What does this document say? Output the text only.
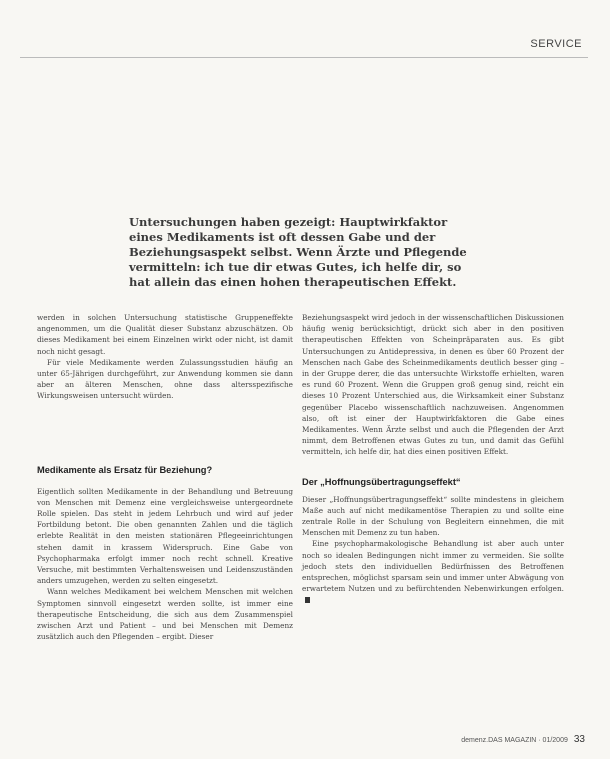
SERVICE

Untersuchungen haben gezeigt: Hauptwirkfaktor eines Medikaments ist oft dessen Gabe und der Beziehungsaspekt selbst. Wenn Ärzte und Pflegende vermitteln: ich tue dir etwas Gutes, ich helfe dir, so hat allein das einen hohen therapeutischen Effekt.

werden in solchen Untersuchung statistische Gruppeneffekte angenommen, um die Qualität dieser Substanz abzuschätzen. Ob dieses Medikament bei einem Einzelnen wirkt oder nicht, ist damit noch nicht gesagt.

Für viele Medikamente werden Zulassungsstudien häufig an unter 65-Jährigen durchgeführt, zur Anwendung kommen sie dann aber an älteren Menschen, ohne dass altersspezifische Wirkungsweisen untersucht würden.

Medikamente als Ersatz für Beziehung?

Eigentlich sollten Medikamente in der Behandlung und Betreuung von Menschen mit Demenz eine vergleichsweise untergeordnete Rolle spielen. Das steht in jedem Lehrbuch und wird auf jeder Fortbildung betont. Die oben genannten Zahlen und die täglich erlebte Realität in den meisten stationären Pflegeeinrichtungen stehen damit in krassem Widerspruch. Eine Gabe von Psychopharmaka erfolgt immer noch recht schnell. Kreative Versuche, mit bestimmten Verhaltensweisen und Leidenszuständen anders umzugehen, werden zu selten eingesetzt.

Wann welches Medikament bei welchem Menschen mit welchen Symptomen sinnvoll eingesetzt werden sollte, ist immer eine therapeutische Entscheidung, die sich aus dem Zusammenspiel zwischen Arzt und Patient – und bei Menschen mit Demenz zusätzlich auch den Pflegenden – ergibt. Dieser

Beziehungsaspekt wird jedoch in der wissenschaftlichen Diskussionen häufig wenig berücksichtigt, drückt sich aber in den positiven therapeutischen Effekten von Scheinpräparaten aus. Es gibt Untersuchungen zu Antidepressiva, in denen es über 60 Prozent der Menschen nach Gabe des Scheinmedikaments deutlich besser ging – in der Gruppe derer, die das untersuchte Wirkstoffe erhielten, waren es rund 60 Prozent. Wenn die Gruppen groß genug sind, reicht ein dieses 10 Prozent Unterschied aus, die Wirksamkeit einer Substanz gegenüber Placebo wissenschaftlich nachzuweisen. Angenommen also, oft ist einer der Hauptwirkfaktoren die Gabe eines Medikamentes. Wenn Ärzte selbst und auch die Pflegenden der Arzt nimmt, dem Betroffenen etwas Gutes zu tun, und damit das Gefühl vermitteln, ich helfe dir, hat dies einen positiven Effekt.

Der „Hoffnungsübertragungseffekt“

Dieser „Hoffnungsübertragungseffekt“ sollte mindestens in gleichem Maße auch auf nicht medikamentöse Therapien zu und sollte eine zentrale Rolle in der Schulung von Begleitern einnehmen, die mit Menschen mit Demenz zu tun haben.

Eine psychopharmakologische Behandlung ist aber auch unter noch so idealen Bedingungen nicht immer zu vermeiden. Sie sollte jedoch stets den individuellen Bedürfnissen des Betroffenen entsprechen, möglichst sparsam sein und immer unter Abwägung von erwartetem Nutzen und zu befürchtenden Nebenwirkungen erfolgen.

demenz.DAS MAGAZIN · 01/2009 33
